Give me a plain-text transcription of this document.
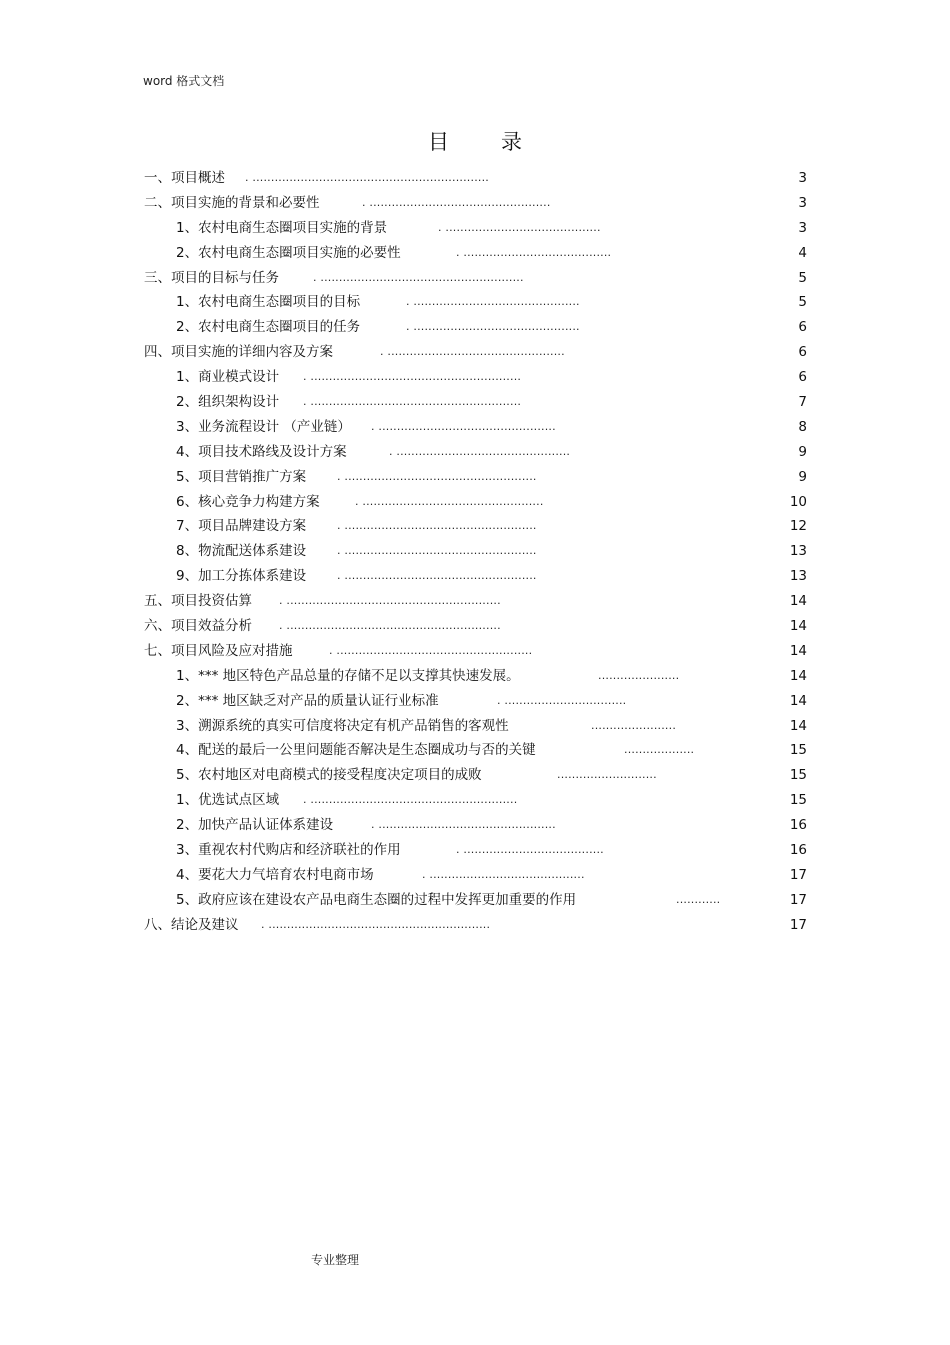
word 格式文档
目录
一、项目概述 . ................................................................	3
二、项目实施的背景和必要性	. .................................................	3
1、农村电商生态圈项目实施的背景	. ..........................................	3
2、农村电商生态圈项目实施的必要性	. ........................................	4
三、项目的目标与任务	. .......................................................	5
1、农村电商生态圈项目的目标	. .............................................	5
2、农村电商生态圈项目的任务	. .............................................	6
四、项目实施的详细内容及方案	. ................................................	6
1、商业模式设计 . .........................................................	6
2、组织架构设计 . .........................................................	7
3、业务流程设计 （产业链） . ................................................	8
4、项目技术路线及设计方案	. ...............................................	9
5、项目营销推广方案	. ....................................................	9
6、核心竞争力构建方案	. .................................................	10
7、项目品牌建设方案	. ....................................................	12
8、物流配送体系建设	. ....................................................	13
9、加工分拣体系建设	. ....................................................	13
五、项目投资估算 . ..........................................................	14
六、项目效益分析 . ..........................................................	14
七、项目风险及应对措施	. .....................................................	14
1、*** 地区特色产品总量的存储不足以支撑其快速发展。	......................	14
2、*** 地区缺乏对产品的质量认证行业标准	. .................................	14
3、溯源系统的真实可信度将决定有机产品销售的客观性	.......................	14
4、配送的最后一公里问题能否解决是生态圈成功与否的关键	...................	15
5、农村地区对电商模式的接受程度决定项目的成败	...........................	15
1、优选试点区域 . ........................................................	15
2、加快产品认证体系建设	. ................................................	16
3、重视农村代购店和经济联社的作用	. ......................................	16
4、要花大力气培育农村电商市场	. ..........................................	17
5、政府应该在建设农产品电商生态圈的过程中发挥更加重要的作用	............	17
八、结论及建议 . ............................................................	17
专业整理
